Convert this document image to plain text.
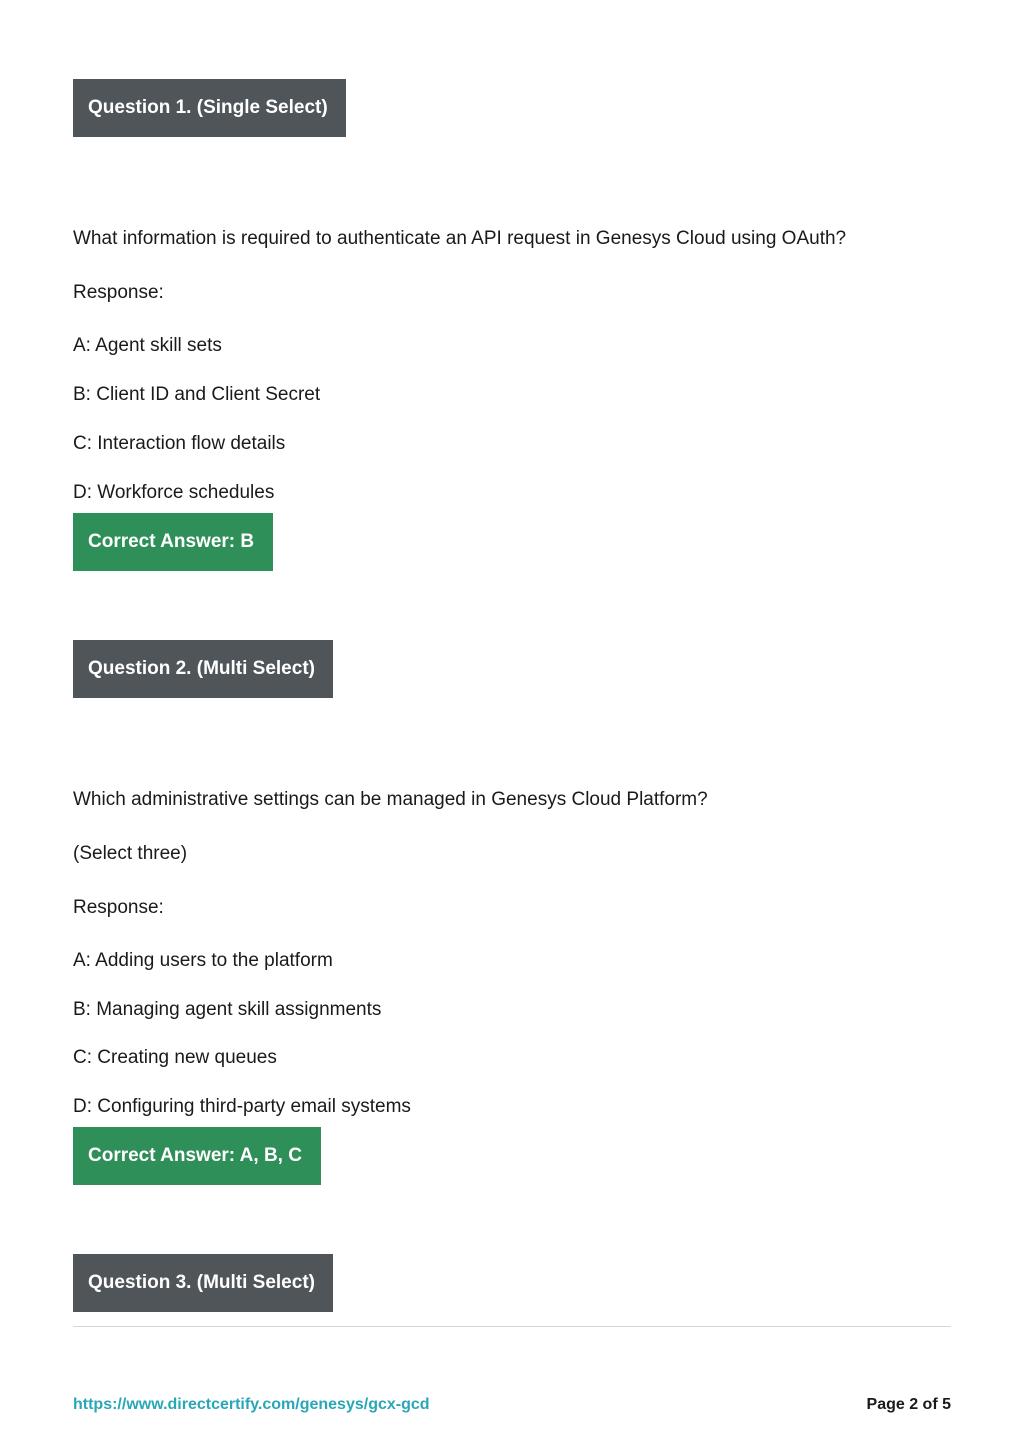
Question 1. (Single Select)
What information is required to authenticate an API request in Genesys Cloud using OAuth?
Response:
A: Agent skill sets
B: Client ID and Client Secret
C: Interaction flow details
D: Workforce schedules
Correct Answer: B
Question 2. (Multi Select)
Which administrative settings can be managed in Genesys Cloud Platform?
(Select three)
Response:
A: Adding users to the platform
B: Managing agent skill assignments
C: Creating new queues
D: Configuring third-party email systems
Correct Answer: A, B, C
Question 3. (Multi Select)
https://www.directcertify.com/genesys/gcx-gcd	Page 2 of 5
